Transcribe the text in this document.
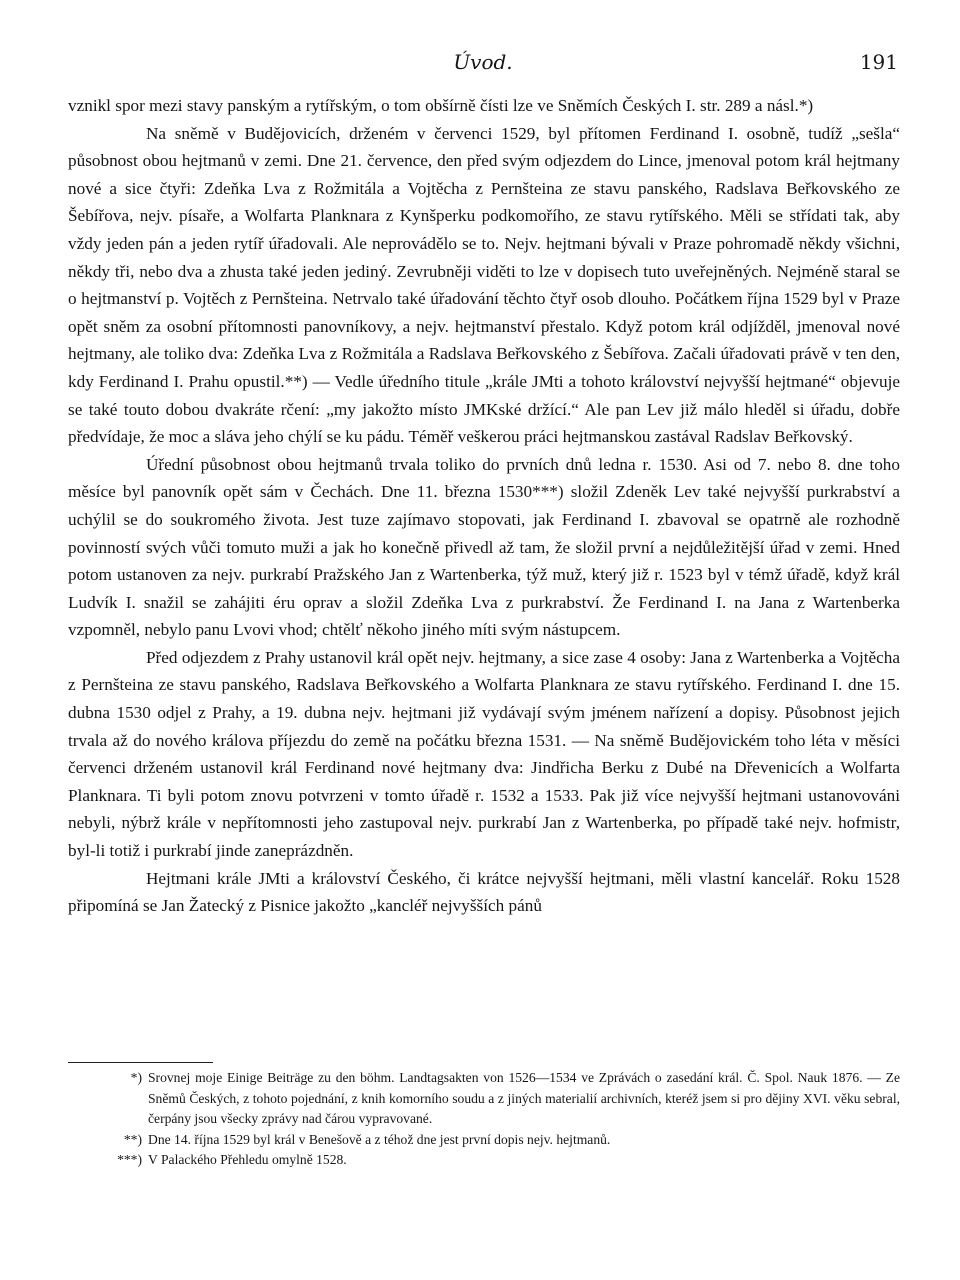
Úvod.	191

vznikl spor mezi stavy panským a rytířským, o tom obšírně čísti lze ve Sněmích Českých I. str. 289 a násl.*)

Na sněmě v Budějovicích, drženém v červenci 1529, byl přítomen Ferdinand I. osobně, tudíž „sešla“ působnost obou hejtmanů v zemi. Dne 21. července, den před svým odjezdem do Lince, jmenoval potom král hejtmany nové a sice čtyři: Zdeňka Lva z Rožmitála a Vojtěcha z Pernšteina ze stavu panského, Radslava Beřkovského ze Šebířova, nejv. písaře, a Wolfarta Planknara z Kynšperku podkomořího, ze stavu rytířského. Měli se střídati tak, aby vždy jeden pán a jeden rytíř úřadovali. Ale neprovádělo se to. Nejv. hejtmani bývali v Praze pohromadě někdy všichni, někdy tři, nebo dva a zhusta také jeden jediný. Zevrubněji viděti to lze v dopisech tuto uveřejněných. Nejméně staral se o hejtmanství p. Vojtěch z Pernšteina. Netrvalo také úřadování těchto čtyř osob dlouho. Počátkem října 1529 byl v Praze opět sněm za osobní přítomnosti panovníkovy, a nejv. hejtmanství přestalo. Když potom král odjížděl, jmenoval nové hejtmany, ale toliko dva: Zdeňka Lva z Rožmitála a Radslava Beřkovského z Šebířova. Začali úřadovati právě v ten den, kdy Ferdinand I. Prahu opustil.**) — Vedle úředního titule „krále JMti a tohoto království nejvyšší hejtmané“ objevuje se také touto dobou dvakráte rčení: „my jakožto místo JMKské držící.“ Ale pan Lev již málo hleděl si úřadu, dobře předvídaje, že moc a sláva jeho chýlí se ku pádu. Téměř veškerou práci hejtmanskou zastával Radslav Beřkovský.

Úřední působnost obou hejtmanů trvala toliko do prvních dnů ledna r. 1530. Asi od 7. nebo 8. dne toho měsíce byl panovník opět sám v Čechách. Dne 11. března 1530***) složil Zdeněk Lev také nejvyšší purkrabství a uchýlil se do soukromého života. Jest tuze zajímavo stopovati, jak Ferdinand I. zbavoval se opatrně ale rozhodně povinností svých vůči tomuto muži a jak ho konečně přivedl až tam, že složil první a nejdůležitější úřad v zemi. Hned potom ustanoven za nejv. purkrabí Pražského Jan z Wartenberka, týž muž, který již r. 1523 byl v témž úřadě, když král Ludvík I. snažil se zahájiti éru oprav a složil Zdeňka Lva z purkrabství. Že Ferdinand I. na Jana z Wartenberka vzpomněl, nebylo panu Lvovi vhod; chtělť někoho jiného míti svým nástupcem.

Před odjezdem z Prahy ustanovil král opět nejv. hejtmany, a sice zase 4 osoby: Jana z Wartenberka a Vojtěcha z Pernšteina ze stavu panského, Radslava Beřkovského a Wolfarta Planknara ze stavu rytířského. Ferdinand I. dne 15. dubna 1530 odjel z Prahy, a 19. dubna nejv. hejtmani již vydávají svým jménem nařízení a dopisy. Působnost jejich trvala až do nového králova příjezdu do země na počátku března 1531. — Na sněmě Budějovickém toho léta v měsíci červenci drženém ustanovil král Ferdinand nové hejtmany dva: Jindřicha Berku z Dubé na Dřevenicích a Wolfarta Planknara. Ti byli potom znovu potvrzeni v tomto úřadě r. 1532 a 1533. Pak již více nejvyšší hejtmani ustanovováni nebyli, nýbrž krále v nepřítomnosti jeho zastupoval nejv. purkrabí Jan z Wartenberka, po případě také nejv. hofmistr, byl-li totiž i purkrabí jinde zaneprázdněn.

Hejtmani krále JMti a království Českého, či krátce nejvyšší hejtmani, měli vlastní kancelář. Roku 1528 připomíná se Jan Žatecký z Pisnice jakožto „kancléř nejvyšších pánů

*) Srovnej moje Einige Beiträge zu den böhm. Landtagsakten von 1526—1534 ve Zprávách o zasedání král. Č. Spol. Nauk 1876. — Ze Sněmů Českých, z tohoto pojednání, z knih komorního soudu a z jiných materialií archivních, kteréž jsem si pro dějiny XVI. věku sebral, čerpány jsou všecky zprávy nad čárou vypravované.
**) Dne 14. října 1529 byl král v Benešově a z téhož dne jest první dopis nejv. hejtmanů.
***) V Palackého Přehledu omylně 1528.
